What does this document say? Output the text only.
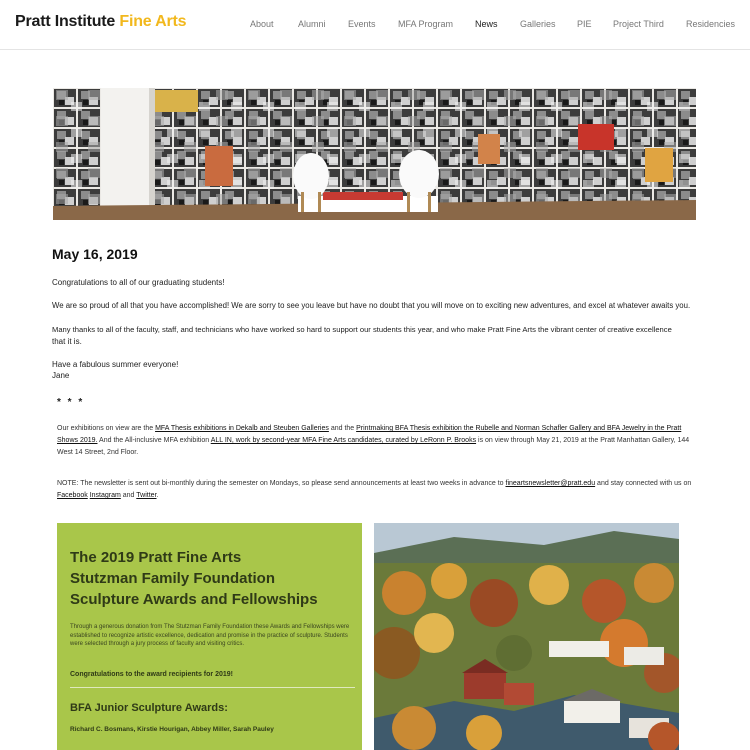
Pratt Institute Fine Arts	About	Alumni Events MFA Program News Galleries PIE Project Third Residencies
May 16, 2019
Congratulations to all of our graduating students!
We are so proud of all that you have accomplished! We are sorry to see you leave but have no doubt that you will move on to exciting new adventures, and excel at whatever awaits you.
Many thanks to all of the faculty, staff, and technicians who have worked so hard to support our students this year, and who make Pratt Fine Arts the vibrant center of creative excellence
that it is.
Have a fabulous summer everyone!
Jane
* * *
Our exhibitions on view are the MFA Thesis exhibitions in Dekalb and Steuben Galleries and the Printmaking BFA Thesis exhibition the Rubelle and Norman Schafler Gallery and BFA Jewelry in the Pratt Shows 2019. And the All-inclusive MFA exhibition ALL IN, work by second-year MFA Fine Arts candidates, curated by LeRonn P. Brooks is on view through May 21, 2019 at the Pratt Manhattan Gallery, 144 West 14 Street, 2nd Floor.
NOTE: The newsletter is sent out bi-monthly during the semester on Mondays, so please send announcements at least two weeks in advance to fineartsnewsletter@pratt.edu and stay connected with us on Facebook Instagram and Twitter.
The 2019 Pratt Fine Arts
Stutzman Family Foundation
Sculpture Awards and Fellowships
Through a generous donation from The Stutzman Family Foundation these Awards and Fellowships were established to recognize artistic excellence, dedication and promise in the practice of sculpture. Students were selected through a jury process of faculty and visiting critics.
Congratulations to the award recipients for 2019!
BFA Junior Sculpture Awards:
Richard C. Bosmans, Kirstie Hourigan, Abbey Miller, Sarah Pauley
